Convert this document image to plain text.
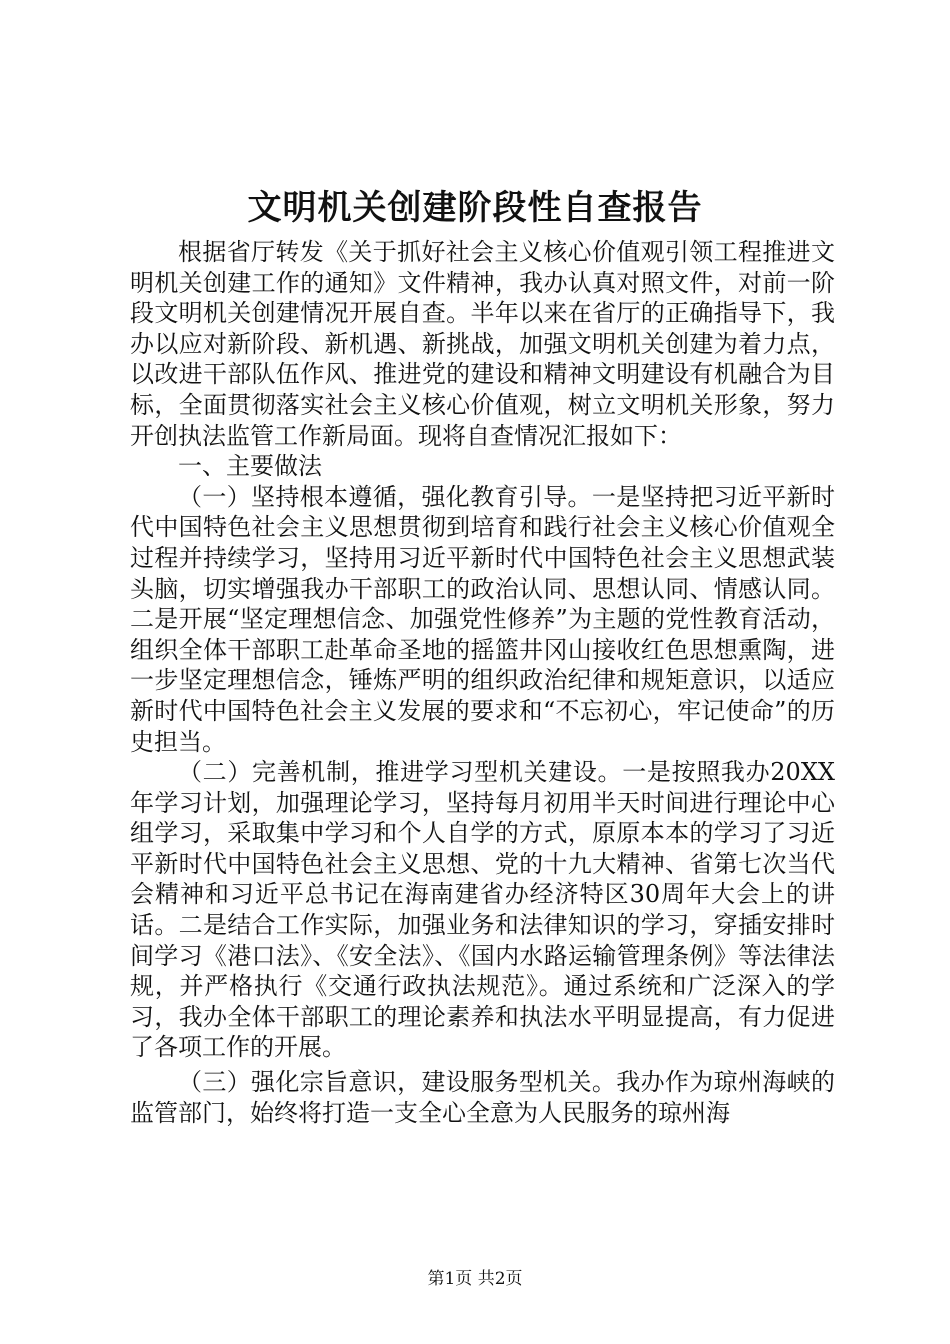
文明机关创建阶段性自查报告

根据省厅转发《关于抓好社会主义核心价值观引领工程推进文明机关创建工作的通知》文件精神，我办认真对照文件，对前一阶段文明机关创建情况开展自查。半年以来在省厅的正确指导下，我办以应对新阶段、新机遇、新挑战，加强文明机关创建为着力点，以改进干部队伍作风、推进党的建设和精神文明建设有机融合为目标，全面贯彻落实社会主义核心价值观，树立文明机关形象，努力开创执法监管工作新局面。现将自查情况汇报如下：

一、主要做法

（一）坚持根本遵循，强化教育引导。一是坚持把习近平新时代中国特色社会主义思想贯彻到培育和践行社会主义核心价值观全过程并持续学习，坚持用习近平新时代中国特色社会主义思想武装头脑，切实增强我办干部职工的政治认同、思想认同、情感认同。二是开展“坚定理想信念、加强党性修养”为主题的党性教育活动，组织全体干部职工赴革命圣地的摇篮井冈山接收红色思想熏陶，进一步坚定理想信念，锤炼严明的组织政治纪律和规矩意识，以适应新时代中国特色社会主义发展的要求和“不忘初心，牢记使命”的历史担当。

（二）完善机制，推进学习型机关建设。一是按照我办20XX年学习计划，加强理论学习，坚持每月初用半天时间进行理论中心组学习，采取集中学习和个人自学的方式，原原本本的学习了习近平新时代中国特色社会主义思想、党的十九大精神、省第七次当代会精神和习近平总书记在海南建省办经济特区30周年大会上的讲话。二是结合工作实际，加强业务和法律知识的学习，穿插安排时间学习《港口法》、《安全法》、《国内水路运输管理条例》等法律法规，并严格执行《交通行政执法规范》。通过系统和广泛深入的学习，我办全体干部职工的理论素养和执法水平明显提高，有力促进了各项工作的开展。

（三）强化宗旨意识，建设服务型机关。我办作为琼州海峡的监管部门，始终将打造一支全心全意为人民服务的琼州海

第1页 共2页
